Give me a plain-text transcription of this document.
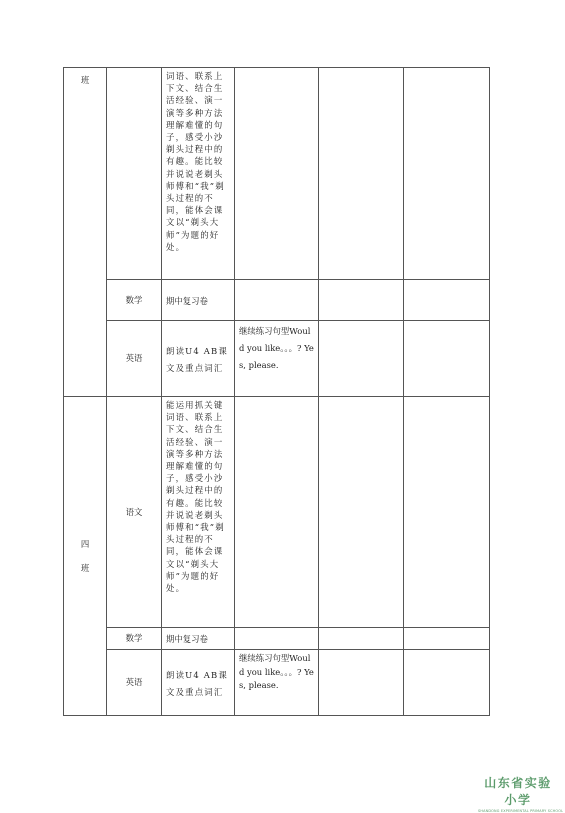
班		词语、联系上下文、结合生活经验、演一演等多种方法理解难懂的句子，感受小沙剃头过程中的有趣。能比较并说说老剃头师傅和“我”剃头过程的不同，能体会课文以“剃头大师”为题的好处。			
	数学	期中复习卷			
	英语	朗读U4 AB课文及重点词汇	继续练习句型Would you like。。。? Yes, please.		
四

班	语文	能运用抓关键词语、联系上下文、结合生活经验、演一演等多种方法理解难懂的句子，感受小沙剃头过程中的有趣。能比较并说说老剃头师傅和“我”剃头过程的不同，能体会课文以“剃头大师”为题的好处。			
	数学	期中复习卷			
	英语	朗读U4 AB课文及重点词汇	继续练习句型Would you like。。。? Yes, please.		
山东省实验小学
SHANDONG EXPERIMENTAL PRIMARY SCHOOL
